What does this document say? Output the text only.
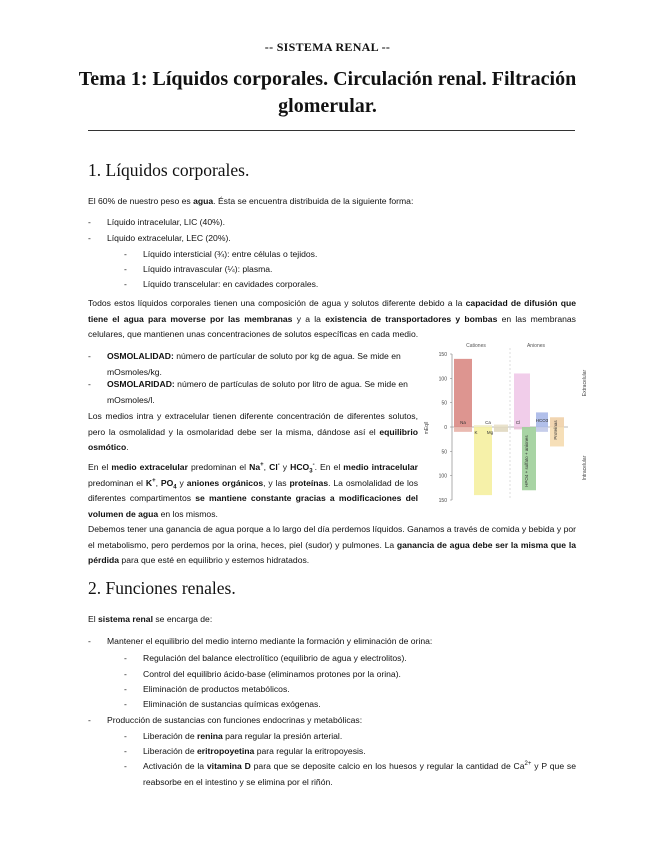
-- SISTEMA RENAL --
Tema 1: Líquidos corporales. Circulación renal. Filtración glomerular.
1. Líquidos corporales.
El 60% de nuestro peso es agua. Ésta se encuentra distribuida de la siguiente forma:
- Líquido intracelular, LIC (40%).
- Líquido extracelular, LEC (20%).
- Líquido intersticial (¾): entre células o tejidos.
- Líquido intravascular (¼): plasma.
- Líquido transcelular: en cavidades corporales.
Todos estos líquidos corporales tienen una composición de agua y solutos diferente debido a la capacidad de difusión que tiene el agua para moverse por las membranas y a la existencia de transportadores y bombas en las membranas celulares, que mantienen unas concentraciones de solutos específicas en cada medio.
- OSMOLALIDAD: número de partícular de soluto por kg de agua. Se mide en mOsmoles/kg.
- OSMOLARIDAD: número de partículas de soluto por litro de agua. Se mide en mOsmoles/l.
Los medios intra y extracelular tienen diferente concentración de diferentes solutos, pero la osmolalidad y la osmolaridad debe ser la misma, dándose así el equilibrio osmótico.
En el medio extracelular predominan el Na+, Cl- y $HCO_3^-$. En el medio intracelular predominan el K+, $PO_4$ y aniones orgánicos, y las proteínas. La osmolalidad de los diferentes compartimentos se mantiene constante gracias a modificaciones del volumen de agua en los mismos.
150
100
50
0
50
100
150
mEq/l
Cationes	Aniones
Extracelular
Intracelular
Na	Ca
K Mg
Cl	HCO3 Proteínas
HPO4 + sulfato + aniones
Debemos tener una ganancia de agua porque a lo largo del día perdemos líquidos. Ganamos a través de comida y bebida y por el metabolismo, pero perdemos por la orina, heces, piel (sudor) y pulmones. La ganancia de agua debe ser la misma que la pérdida para que esté en equilibrio y estemos hidratados.
2. Funciones renales.
El sistema renal se encarga de:
- Mantener el equilibrio del medio interno mediante la formación y eliminación de orina:
- Regulación del balance electrolítico (equilibrio de agua y electrolitos).
- Control del equilibrio ácido-base (eliminamos protones por la orina).
- Eliminación de productos metabólicos.
- Eliminación de sustancias químicas exógenas.
- Producción de sustancias con funciones endocrinas y metabólicas:
- Liberación de renina para regular la presión arterial.
- Liberación de eritropoyetina para regular la eritropoyesis.
- Activación de la vitamina D para que se deposite calcio en los huesos y regular la cantidad de $Ca^{2+}$ y P que se reabsorbe en el intestino y se elimina por el riñón.
